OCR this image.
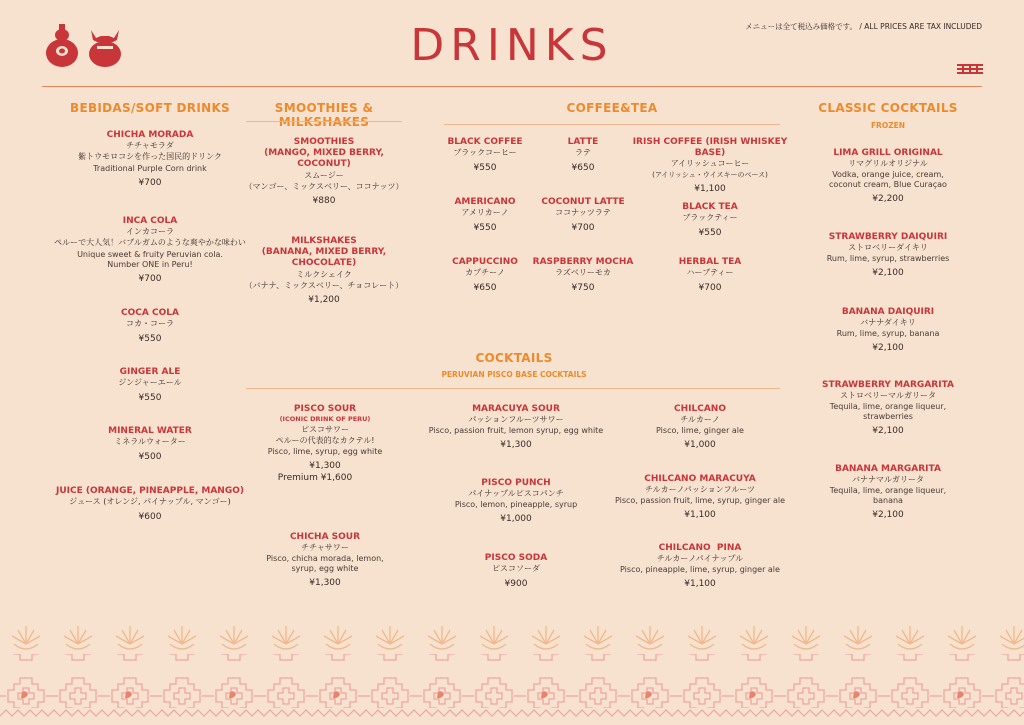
DRINKS	メニューは全て税込み価格です。 / ALL PRICES ARE TAX INCLUDED
BEBIDAS/SOFT DRINKS
CHICHA MORADA
チチャモラダ
紫トウモロコシを作った国民的ドリンク
Traditional Purple Corn drink
¥700
INCA COLA
インカコーラ
ペルーで大人気！バブルガムのような爽やかな味わい
Unique sweet & fruity Peruvian cola.
Number ONE in Peru!
¥700
COCA COLA
コカ・コーラ
¥550
GINGER ALE
ジンジャーエール
¥550
MINERAL WATER
ミネラルウォーター
¥500
JUICE (ORANGE, PINEAPPLE, MANGO)
ジュース (オレンジ, パイナップル, マンゴー)
¥600
SMOOTHIES & MILKSHAKES
SMOOTHIES
(MANGO, MIXED BERRY, COCONUT)
スムージー
（マンゴー、ミックスベリー、ココナッツ）
¥880
MILKSHAKES
(BANANA, MIXED BERRY, CHOCOLATE)
ミルクシェイク
（バナナ、ミックスベリー、チョコレート）
¥1,200
COFFEE&TEA
BLACK COFFEE
ブラックコーヒー
¥550
LATTE
ラテ
¥650
IRISH COFFEE (IRISH WHISKEY BASE)
アイリッシュコーヒー
(アイリッシュ・ウイスキーのベース)
¥1,100
AMERICANO
アメリカーノ
¥550
COCONUT LATTE
ココナッツラテ
¥700
BLACK TEA
ブラックティー
¥550
CAPPUCCINO
カプチーノ
¥650
RASPBERRY MOCHA
ラズベリーモカ
¥750
HERBAL TEA
ハーブティー
¥700
COCKTAILS
PERUVIAN PISCO BASE COCKTAILS
PISCO SOUR
(ICONIC DRINK OF PERU)
ピスコサワー
ペルーの代表的なカクテル!
Pisco, lime, syrup, egg white
¥1,300
Premium ¥1,600
CHICHA SOUR
チチャサワー
Pisco, chicha morada, lemon,
syrup, egg white
¥1,300
MARACUYA SOUR
パッションフルーツサワー
Pisco, passion fruit, lemon syrup, egg white
¥1,300
PISCO PUNCH
パイナップルピスコパンチ
Pisco, lemon, pineapple, syrup
¥1,000
PISCO SODA
ピスコソーダ
¥900
CHILCANO
チルカーノ
Pisco, lime, ginger ale
¥1,000
CHILCANO MARACUYA
チルカーノパッションフルーツ
Pisco, passion fruit, lime, syrup, ginger ale
¥1,100
CHILCANO  PINA
チルカーノパイナップル
Pisco, pineapple, lime, syrup, ginger ale
¥1,100
CLASSIC COCKTAILS
FROZEN
LIMA GRILL ORIGINAL
リマグリルオリジナル
Vodka, orange juice, cream,
coconut cream, Blue Curaçao
¥2,200
STRAWBERRY DAIQUIRI
ストロベリーダイキリ
Rum, lime, syrup, strawberries
¥2,100
BANANA DAIQUIRI
バナナダイキリ
Rum, lime, syrup, banana
¥2,100
STRAWBERRY MARGARITA
ストロベリーマルガリータ
Tequila, lime, orange liqueur,
strawberries
¥2,100
BANANA MARGARITA
バナナマルガリータ
Tequila, lime, orange liqueur,
banana
¥2,100
